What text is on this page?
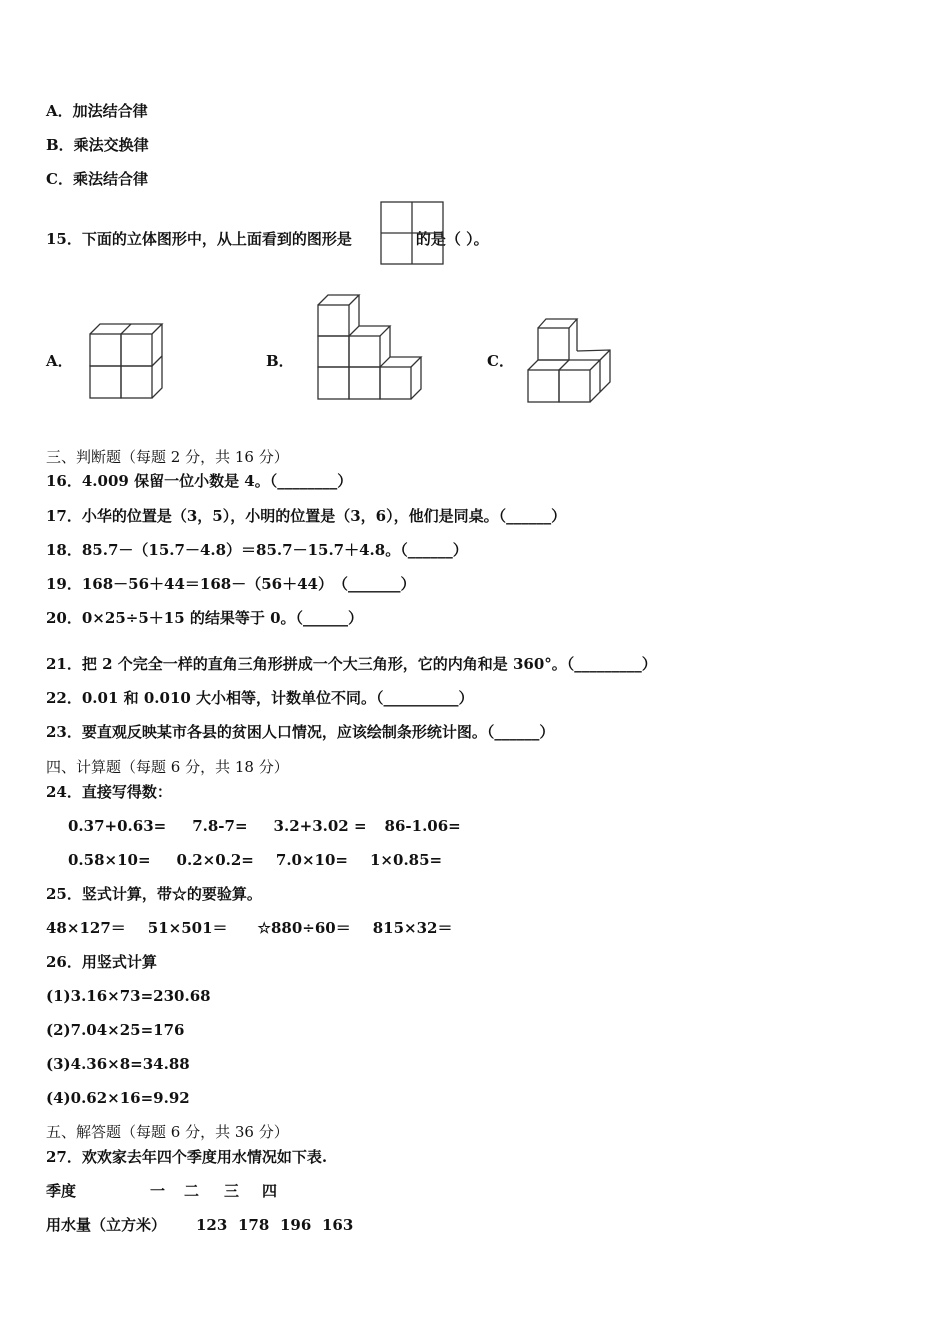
A．加法结合律
B．乘法交换律
C．乘法结合律
15．下面的立体图形中，从上面看到的图形是	的是（ ）。
A．	B．	C．
三、判断题（每题 2 分，共 16 分）
16．4.009 保留一位小数是 4。（________）
17．小华的位置是（3，5），小明的位置是（3，6），他们是同桌。（______）
18．85.7－（15.7－4.8）＝85.7－15.7＋4.8。（______）
19．168－56＋44＝168－（56＋44）　（_______）
20．0×25÷5＋15 的结果等于 0。（______）
21．把 2 个完全一样的直角三角形拼成一个大三角形，它的内角和是 360°。（_________）
22．0.01 和 0.010 大小相等，计数单位不同。（__________）
23．要直观反映某市各县的贫困人口情况，应该绘制条形统计图。（______）
四、计算题（每题 6 分，共 18 分）
24．直接写得数：
0.37+0.63= 7.8-7= 3.2+3.02 = 86-1.06=
0.58×10= 0.2×0.2= 7.0×10= 1×0.85=
25．竖式计算，带☆的要验算。
48×127＝ 51×501＝ ☆880÷60＝ 815×32＝
26．用竖式计算
(1)3.16×73=230.68
(2)7.04×25=176
(3)4.36×8=34.88
(4)0.62×16=9.92
五、解答题（每题 6 分，共 36 分）
27．欢欢家去年四个季度用水情况如下表.
季度	一 二 三 四
用水量（立方米） 123 178 196 163
